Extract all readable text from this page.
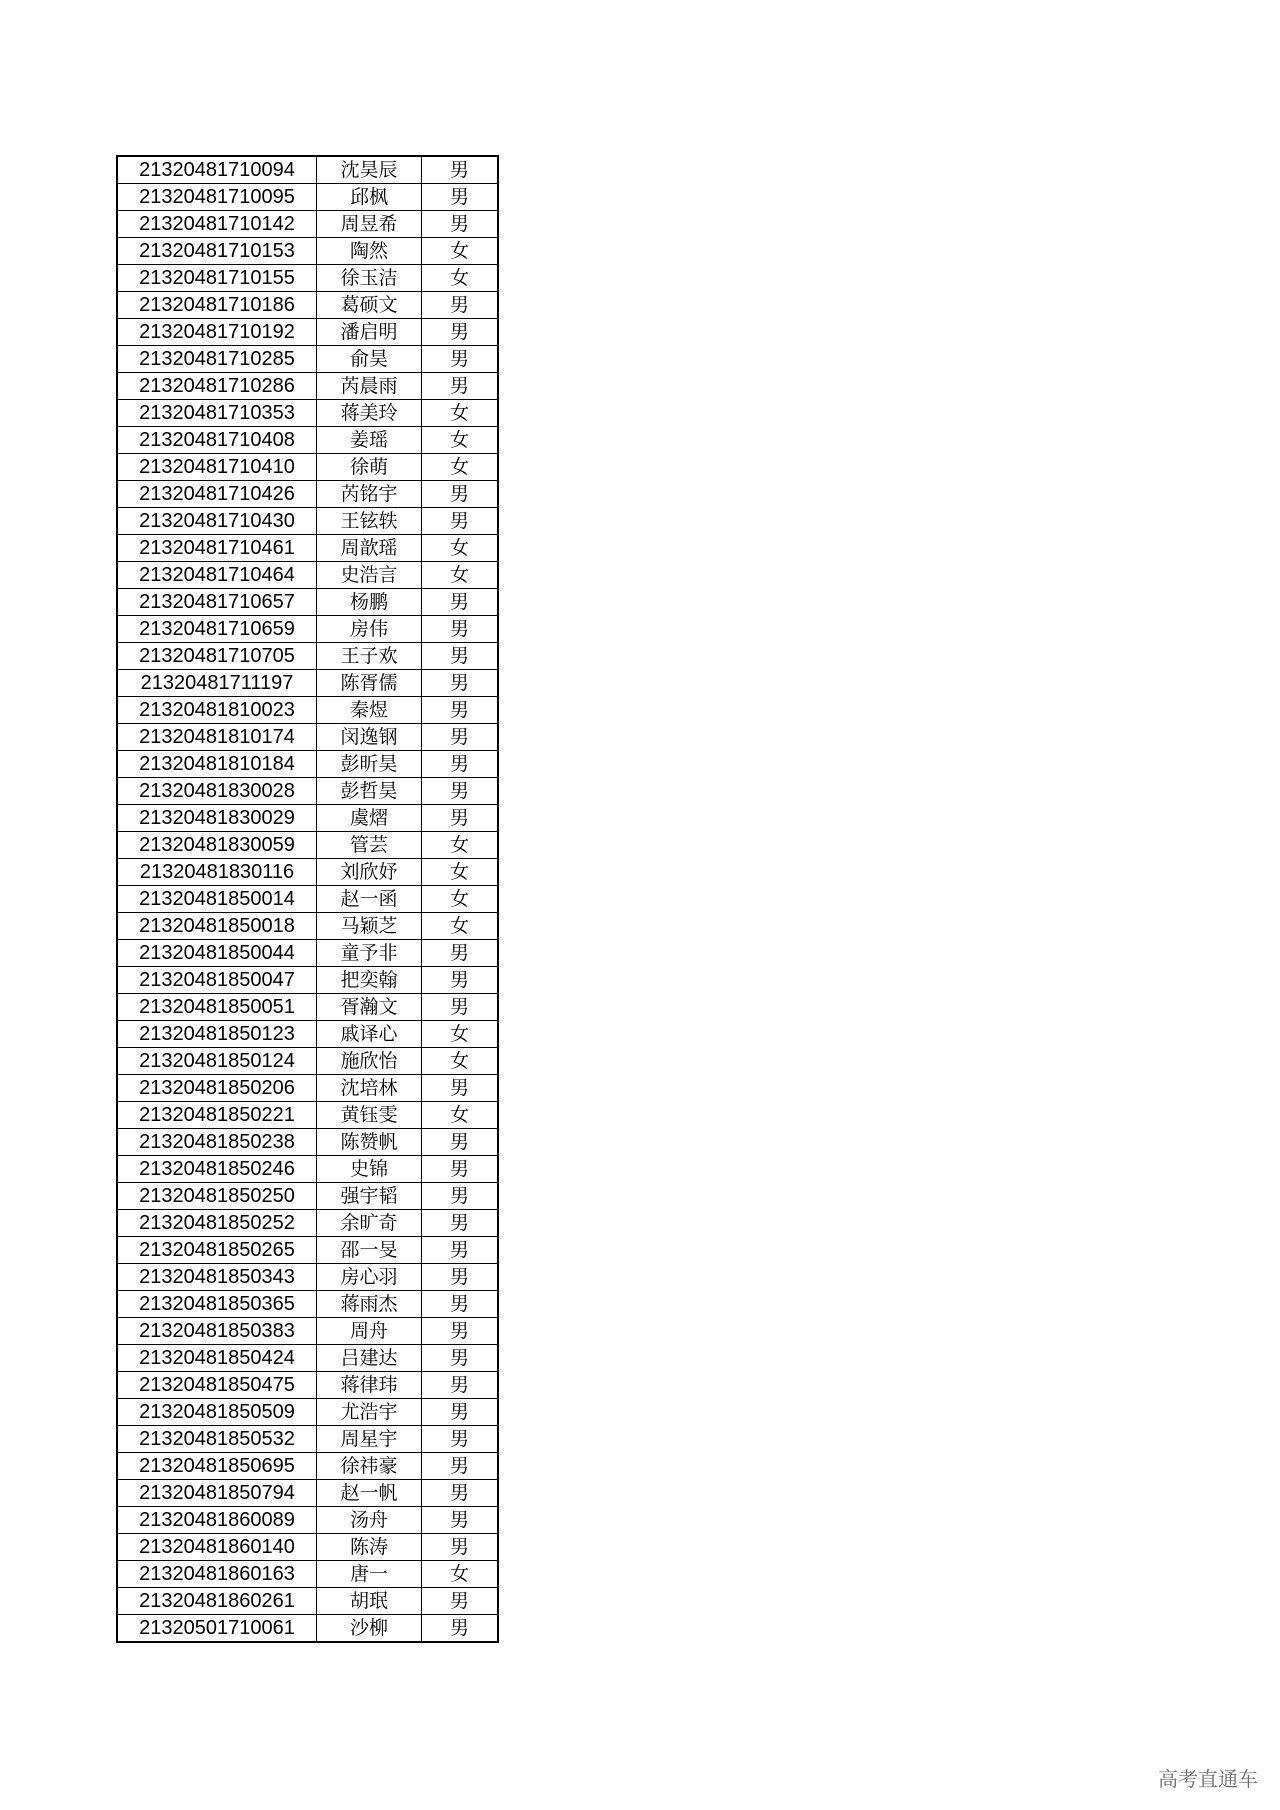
21320481710094	沈昊辰	男
21320481710095	邱枫	男
21320481710142	周昱希	男
21320481710153	陶然	女
21320481710155	徐玉洁	女
21320481710186	葛硕文	男
21320481710192	潘启明	男
21320481710285	俞昊	男
21320481710286	芮晨雨	男
21320481710353	蒋美玲	女
21320481710408	姜瑶	女
21320481710410	徐萌	女
21320481710426	芮铭宇	男
21320481710430	王铉轶	男
21320481710461	周歆瑶	女
21320481710464	史浩言	女
21320481710657	杨鹏	男
21320481710659	房伟	男
21320481710705	王子欢	男
21320481711197	陈胥儒	男
21320481810023	秦煜	男
21320481810174	闵逸钢	男
21320481810184	彭昕昊	男
21320481830028	彭哲昊	男
21320481830029	虞熠	男
21320481830059	管芸	女
21320481830116	刘欣妤	女
21320481850014	赵一函	女
21320481850018	马颖芝	女
21320481850044	童予非	男
21320481850047	把奕翰	男
21320481850051	胥瀚文	男
21320481850123	戚译心	女
21320481850124	施欣怡	女
21320481850206	沈培林	男
21320481850221	黄钰雯	女
21320481850238	陈赞帆	男
21320481850246	史锦	男
21320481850250	强宇韬	男
21320481850252	余旷奇	男
21320481850265	邵一旻	男
21320481850343	房心羽	男
21320481850365	蒋雨杰	男
21320481850383	周舟	男
21320481850424	吕建达	男
21320481850475	蒋律玮	男
21320481850509	尤浩宇	男
21320481850532	周星宇	男
21320481850695	徐祎豪	男
21320481850794	赵一帆	男
21320481860089	汤舟	男
21320481860140	陈涛	男
21320481860163	唐一	女
21320481860261	胡珉	男
21320501710061	沙柳	男
高考直通车
